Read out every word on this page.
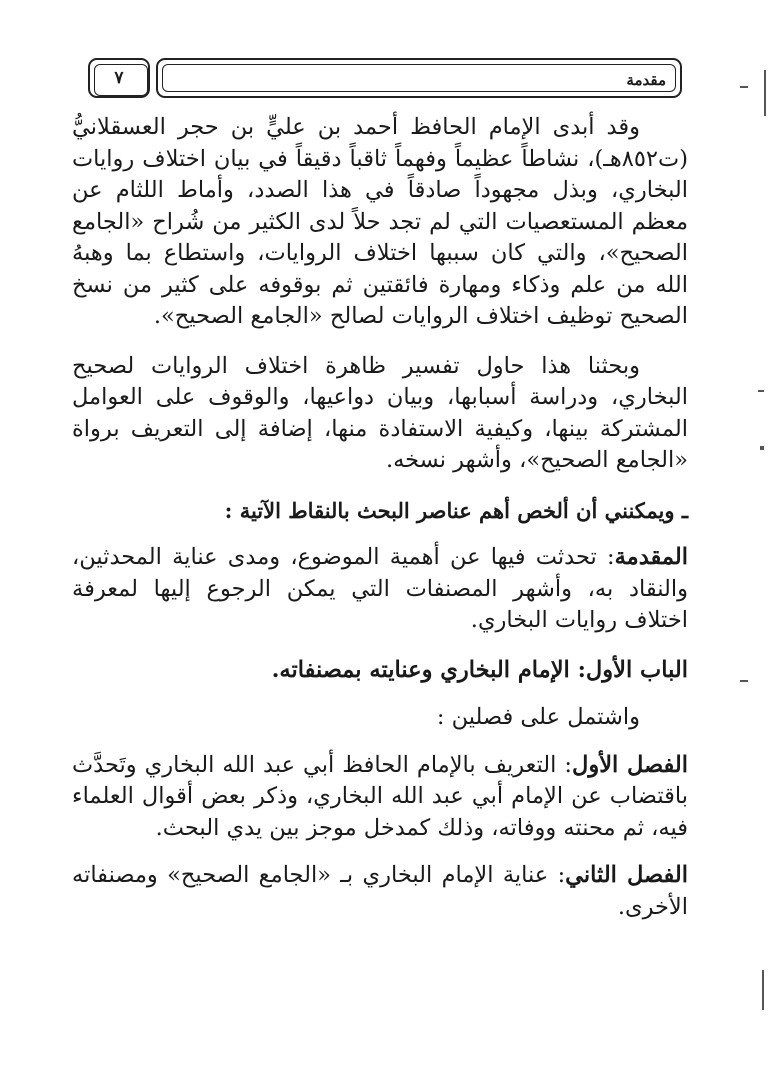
٧	مقدمة

وقد أبدى الإمام الحافظ أحمد بن عليٍّ بن حجر العسقلانيُّ (ت٨٥٢هـ)، نشاطاً عظيماً وفهماً ثاقباً دقيقاً في بيان اختلاف روايات البخاري، وبذل مجهوداً صادقاً في هذا الصدد، وأماط اللثام عن معظم المستعصيات التي لم تجد حلاً لدى الكثير من شُراح «الجامع الصحيح»، والتي كان سببها اختلاف الروايات، واستطاع بما وهبهُ الله من علم وذكاء ومهارة فائقتين ثم بوقوفه على كثير من نسخ الصحيح توظيف اختلاف الروايات لصالح «الجامع الصحيح».

وبحثنا هذا حاول تفسير ظاهرة اختلاف الروايات لصحيح البخاري، ودراسة أسبابها، وبيان دواعيها، والوقوف على العوامل المشتركة بينها، وكيفية الاستفادة منها، إضافة إلى التعريف برواة «الجامع الصحيح»، وأشهر نسخه.

ـ ويمكنني أن ألخص أهم عناصر البحث بالنقاط الآتية :

المقدمة: تحدثت فيها عن أهمية الموضوع، ومدى عناية المحدثين، والنقاد به، وأشهر المصنفات التي يمكن الرجوع إليها لمعرفة اختلاف روايات البخاري.

الباب الأول: الإمام البخاري وعنايته بمصنفاته.

واشتمل على فصلين :

الفصل الأول: التعريف بالإمام الحافظ أبي عبد الله البخاري وتَحدَّث باقتضاب عن الإمام أبي عبد الله البخاري، وذكر بعض أقوال العلماء فيه، ثم محنته ووفاته، وذلك كمدخل موجز بين يدي البحث.

الفصل الثاني: عناية الإمام البخاري بـ «الجامع الصحيح» ومصنفاته الأخرى.
